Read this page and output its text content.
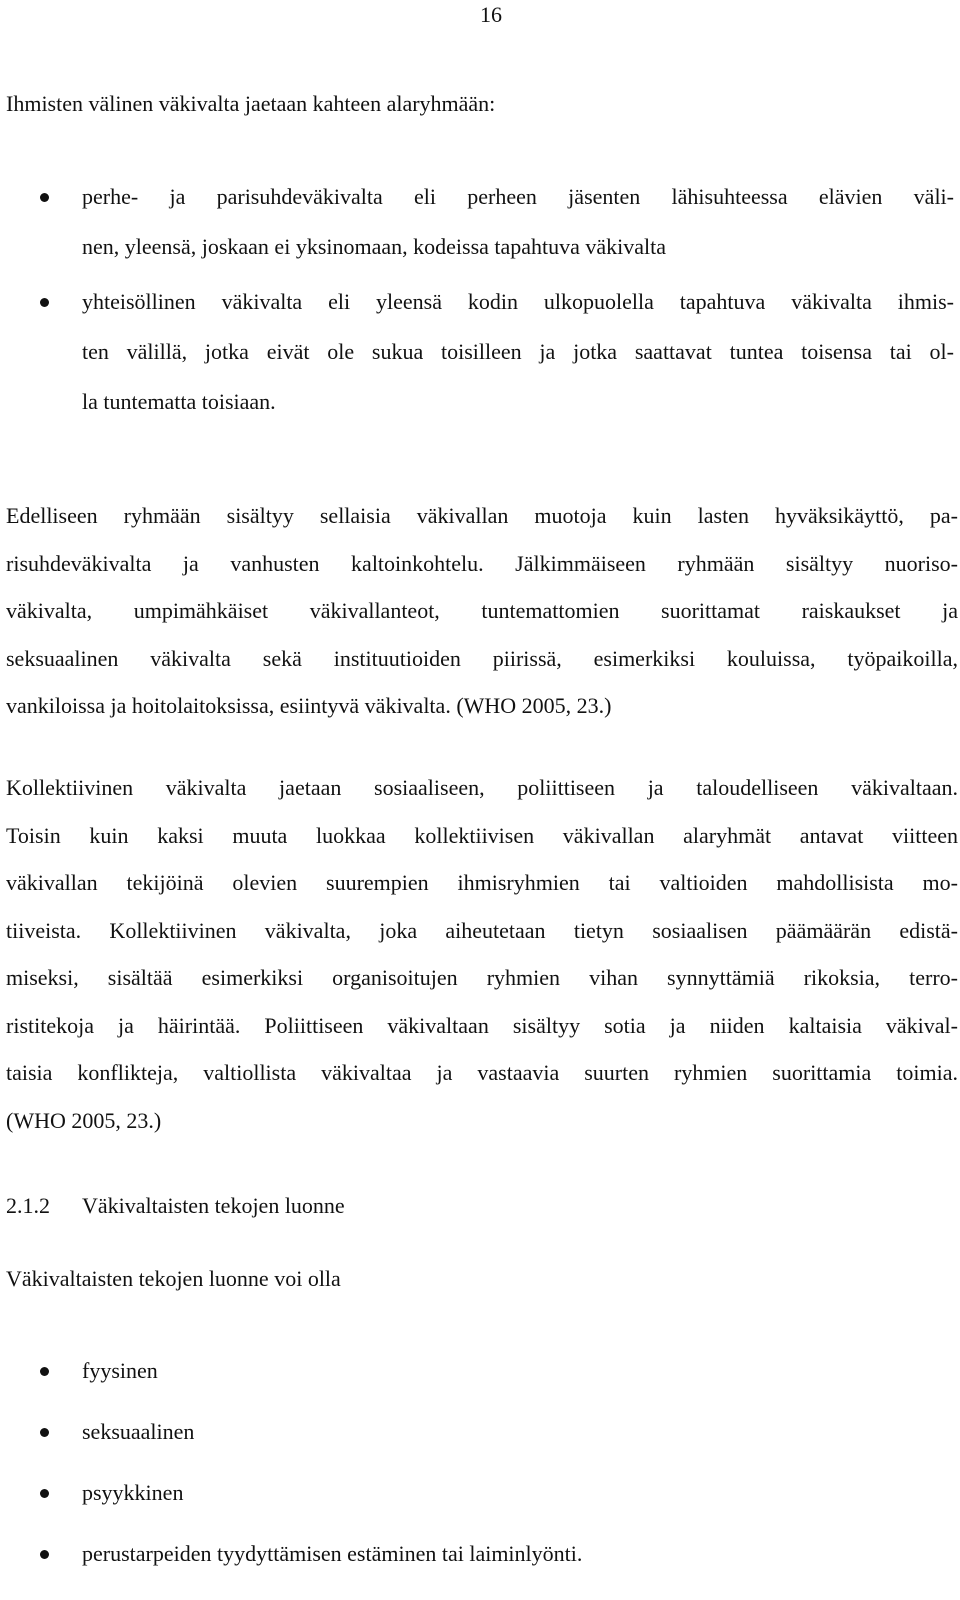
16

Ihmisten välinen väkivalta jaetaan kahteen alaryhmään:

perhe- ja parisuhdeväkivalta eli perheen jäsenten lähisuhteessa elävien väli-
nen, yleensä, joskaan ei yksinomaan, kodeissa tapahtuva väkivalta
yhteisöllinen väkivalta eli yleensä kodin ulkopuolella tapahtuva väkivalta ihmis-
ten välillä, jotka eivät ole sukua toisilleen ja jotka saattavat tuntea toisensa tai ol-
la tuntematta toisiaan.
Edelliseen ryhmään sisältyy sellaisia väkivallan muotoja kuin lasten hyväksikäyttö, pa-
risuhdeväkivalta ja vanhusten kaltoinkohtelu. Jälkimmäiseen ryhmään sisältyy nuoriso-
väkivalta, umpimähkäiset väkivallanteot, tuntemattomien suorittamat raiskaukset ja
seksuaalinen väkivalta sekä instituutioiden piirissä, esimerkiksi kouluissa, työpaikoilla,
vankiloissa ja hoitolaitoksissa, esiintyvä väkivalta. (WHO 2005, 23.)
Kollektiivinen väkivalta jaetaan sosiaaliseen, poliittiseen ja taloudelliseen väkivaltaan.
Toisin kuin kaksi muuta luokkaa kollektiivisen väkivallan alaryhmät antavat viitteen
väkivallan tekijöinä olevien suurempien ihmisryhmien tai valtioiden mahdollisista mo-
tiiveista. Kollektiivinen väkivalta, joka aiheutetaan tietyn sosiaalisen päämäärän edistä-
miseksi, sisältää esimerkiksi organisoitujen ryhmien vihan synnyttämiä rikoksia, terro-
ristitekoja ja häirintää. Poliittiseen väkivaltaan sisältyy sotia ja niiden kaltaisia väkival-
taisia konflikteja, valtiollista väkivaltaa ja vastaavia suurten ryhmien suorittamia toimia.
(WHO 2005, 23.)
2.1.2 Väkivaltaisten tekojen luonne

Väkivaltaisten tekojen luonne voi olla

fyysinen
seksuaalinen
psyykkinen
perustarpeiden tyydyttämisen estäminen tai laiminlyönti.
